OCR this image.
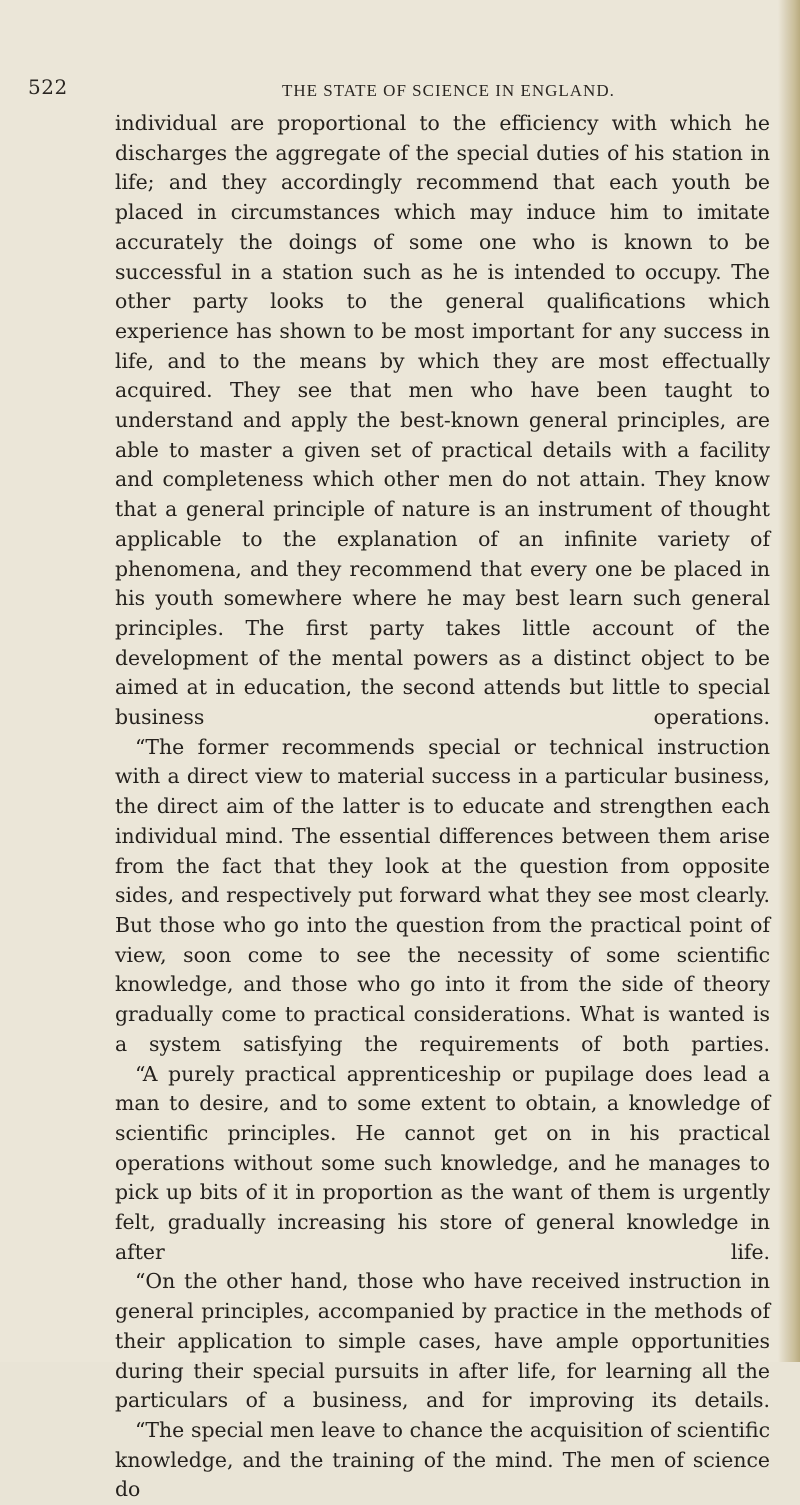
522	THE STATE OF SCIENCE IN ENGLAND.

individual are proportional to the efficiency with which he discharges the aggregate of the special duties of his station in life; and they accordingly recommend that each youth be placed in circumstances which may induce him to imitate accurately the doings of some one who is known to be successful in a station such as he is intended to occupy. The other party looks to the general qualifications which experience has shown to be most important for any success in life, and to the means by which they are most effectually acquired. They see that men who have been taught to understand and apply the best-known general principles, are able to master a given set of practical details with a facility and completeness which other men do not attain. They know that a general principle of nature is an instrument of thought applicable to the explanation of an infinite variety of phenomena, and they recommend that every one be placed in his youth somewhere where he may best learn such general principles. The first party takes little account of the development of the mental powers as a distinct object to be aimed at in education, the second attends but little to special business operations.

“The former recommends special or technical instruction with a direct view to material success in a particular business, the direct aim of the latter is to educate and strengthen each individual mind. The essential differences between them arise from the fact that they look at the question from opposite sides, and respectively put forward what they see most clearly. But those who go into the question from the practical point of view, soon come to see the necessity of some scientific knowledge, and those who go into it from the side of theory gradually come to practical considerations. What is wanted is a system satisfying the requirements of both parties.

“A purely practical apprenticeship or pupilage does lead a man to desire, and to some extent to obtain, a knowledge of scientific principles. He cannot get on in his practical operations without some such knowledge, and he manages to pick up bits of it in proportion as the want of them is urgently felt, gradually increasing his store of general knowledge in after life.

“On the other hand, those who have received instruction in general principles, accompanied by practice in the methods of their application to simple cases, have ample opportunities during their special pursuits in after life, for learning all the particulars of a business, and for improving its details.

“The special men leave to chance the acquisition of scientific knowledge, and the training of the mind. The men of science do
